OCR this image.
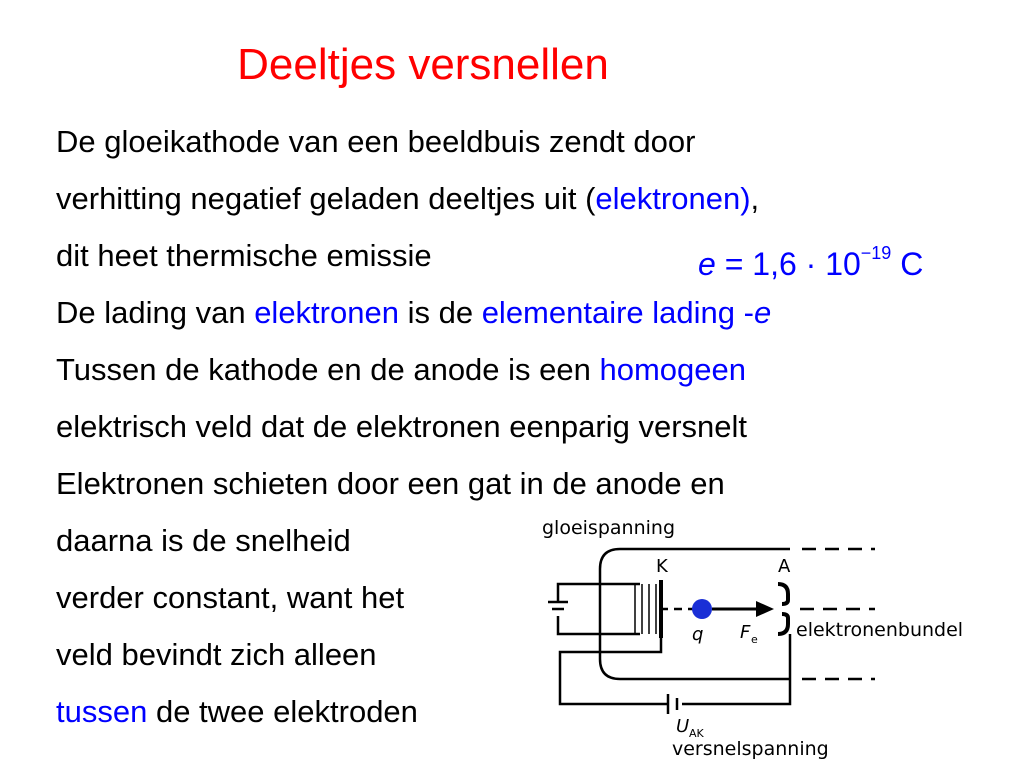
Deeltjes versnellen
De gloeikathode van een beeldbuis zendt door
verhitting negatief geladen deeltjes uit (elektronen),
dit heet thermische emissie	$e = 1,6 \cdot 10^{-19}$ C
De lading van elektronen is de elementaire lading -e
Tussen de kathode en de anode is een homogeen
elektrisch veld dat de elektronen eenparig versnelt
Elektronen schieten door een gat in de anode en
daarna is de snelheid
verder constant, want het
veld bevindt zich alleen
tussen de twee elektroden
gloeispanning
K	A
q F e elektronenbundel
U AK
versnelspanning
